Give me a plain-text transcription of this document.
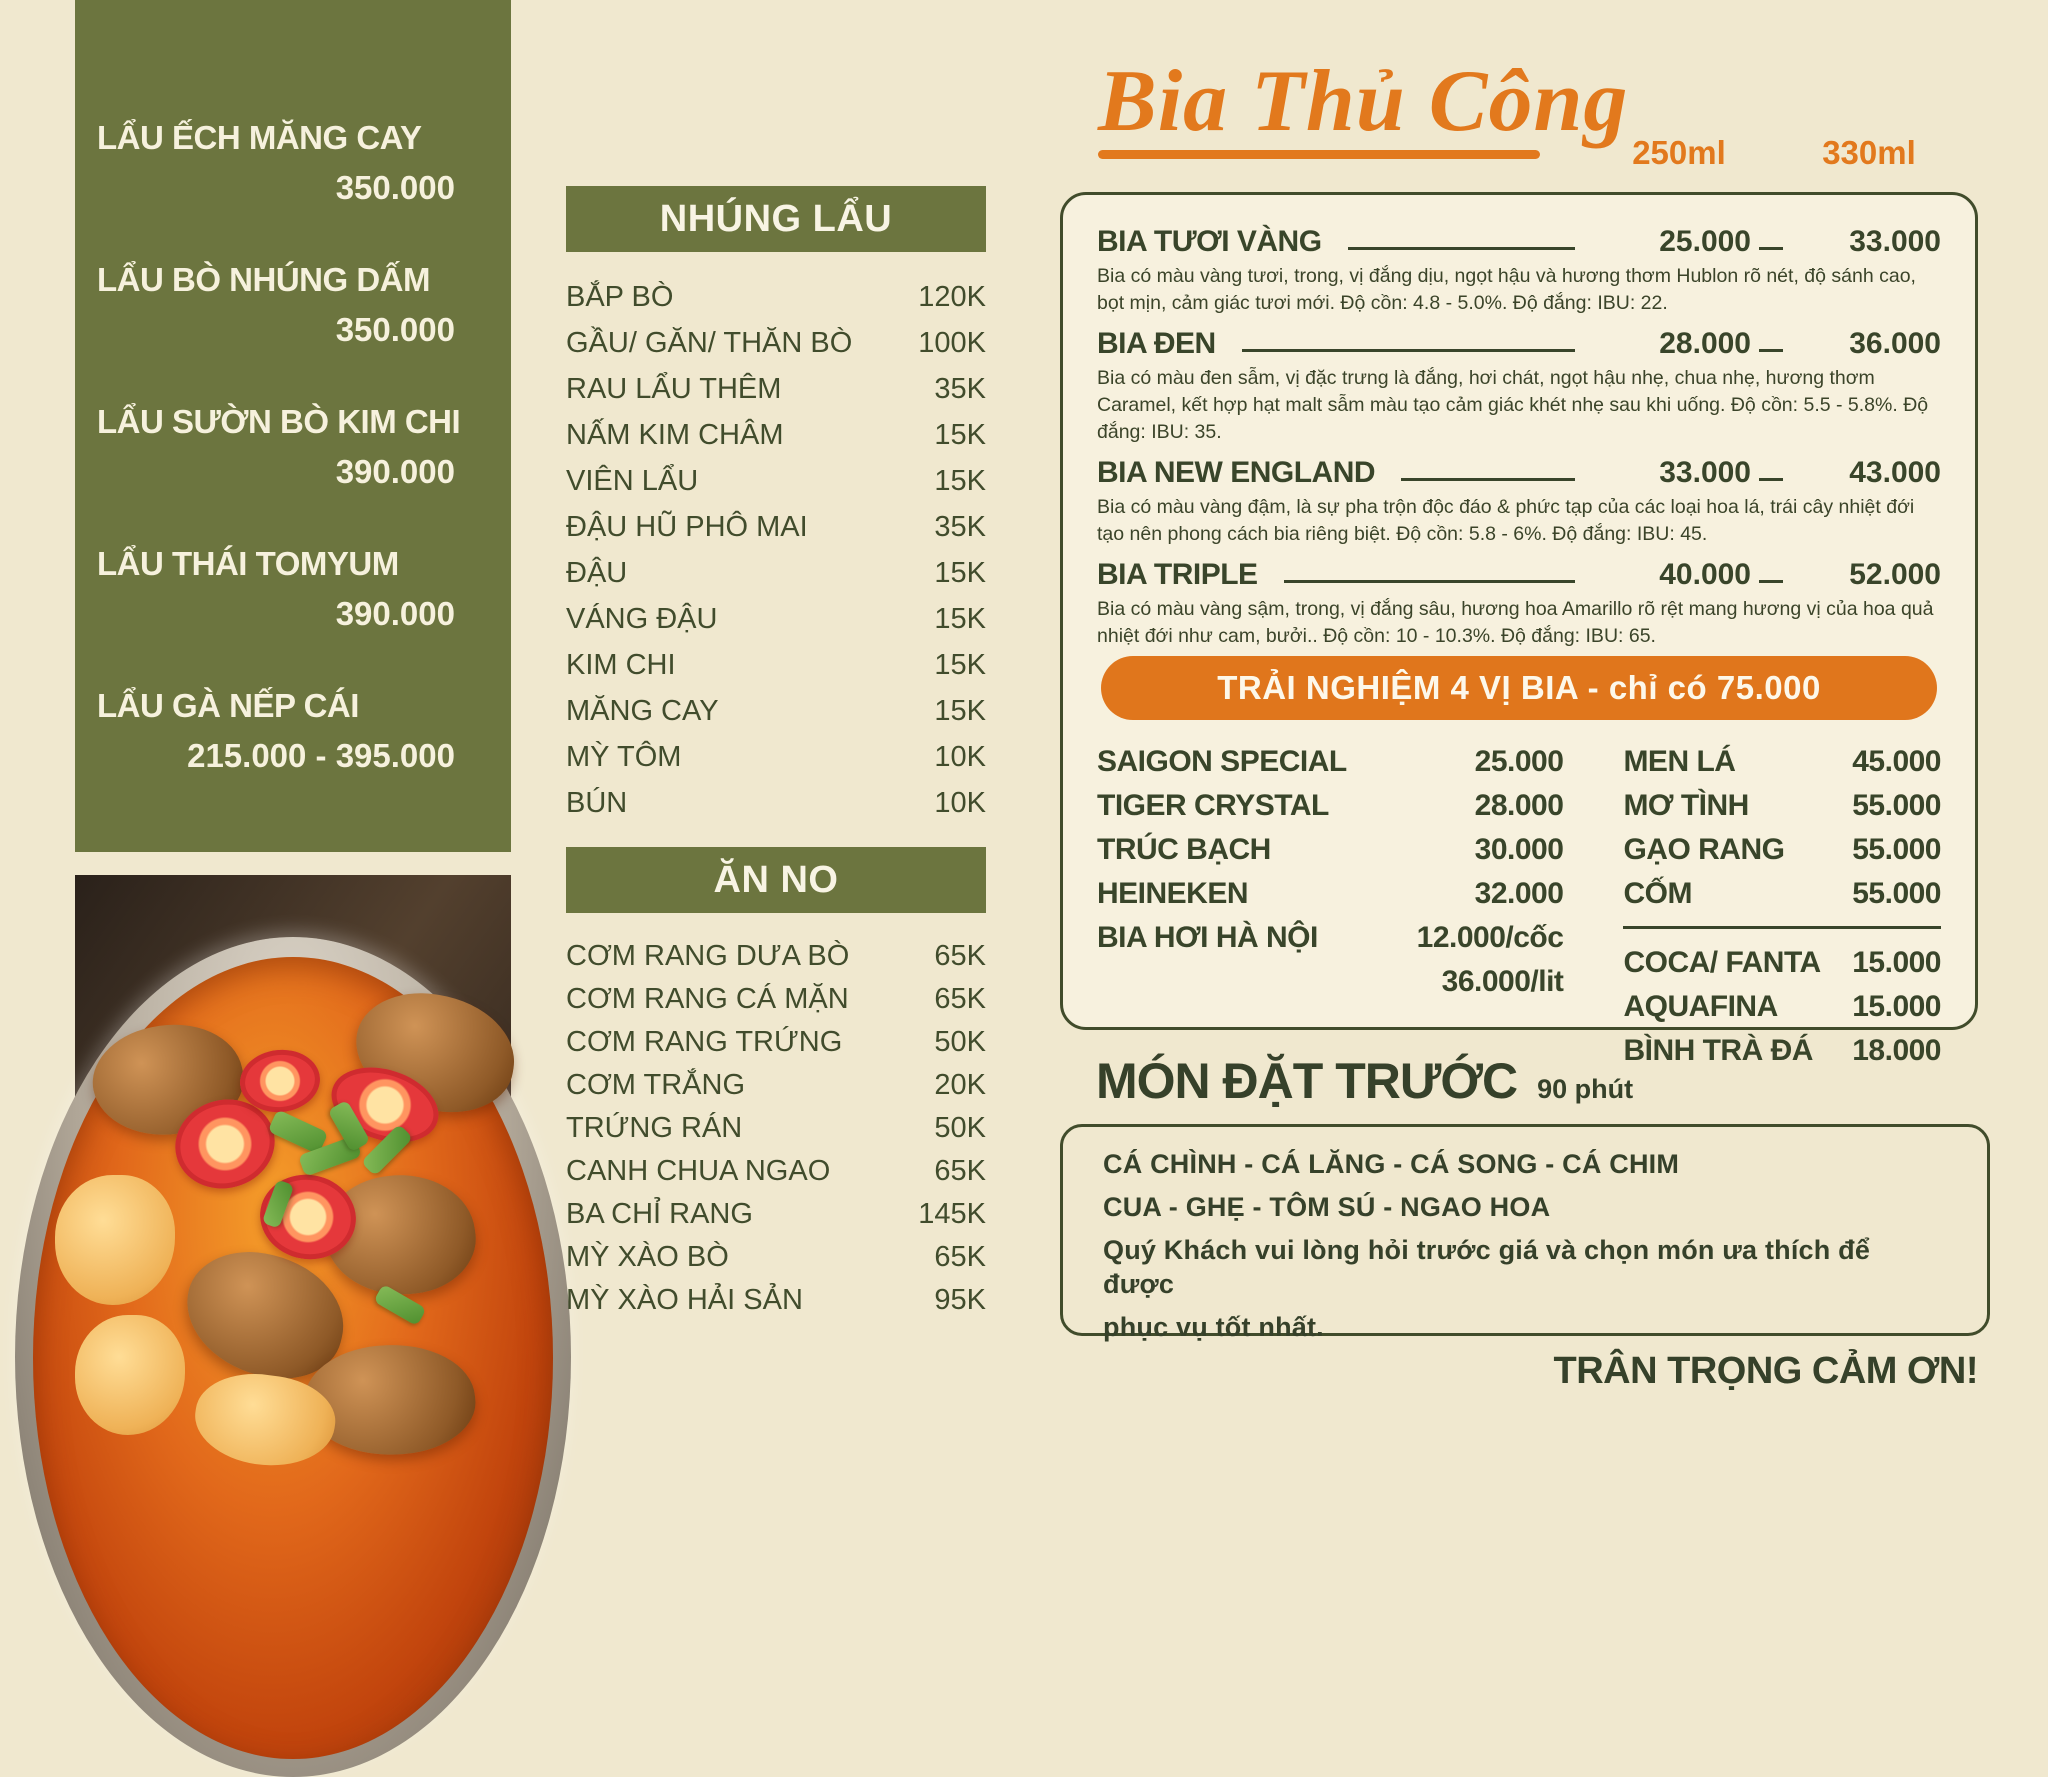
LẨU ẾCH MĂNG CAY
350.000
LẨU BÒ NHÚNG DẤM
350.000
LẨU SƯỜN BÒ KIM CHI
390.000
LẨU THÁI TOMYUM
390.000
LẨU GÀ NẾP CÁI
215.000 - 395.000
NHÚNG LẨU
BẮP BÒ	120K
GẦU/ GĂN/ THĂN BÒ 100K
RAU LẨU THÊM	35K
NẤM KIM CHÂM	15K
VIÊN LẨU	15K
ĐẬU HŨ PHÔ MAI	35K
ĐẬU	15K
VÁNG ĐẬU	15K
KIM CHI	15K
MĂNG CAY	15K
MỲ TÔM	10K
BÚN	10K
ĂN NO
CƠM RANG DƯA BÒ	65K
CƠM RANG CÁ MẶN	65K
CƠM RANG TRỨNG	50K
CƠM TRẮNG	20K
TRỨNG RÁN	50K
CANH CHUA NGAO	65K
BA CHỈ RANG	145K
MỲ XÀO BÒ	65K
MỲ XÀO HẢI SẢN	95K
Bia Thủ Công
250ml	330ml
BIA TƯƠI VÀNG	25.000	33.000
Bia có màu vàng tươi, trong, vị đắng dịu, ngọt hậu và hương thơm Hublon rõ nét, độ sánh cao, bọt mịn, cảm giác tươi mới. Độ cồn: 4.8 - 5.0%. Độ đắng: IBU: 22.
BIA ĐEN	28.000	36.000
Bia có màu đen sẫm, vị đặc trưng là đắng, hơi chát, ngọt hậu nhẹ, chua nhẹ, hương thơm Caramel, kết hợp hạt malt sẫm màu tạo cảm giác khét nhẹ sau khi uống. Độ cồn: 5.5 - 5.8%. Độ đắng: IBU: 35.
BIA NEW ENGLAND	33.000	43.000
Bia có màu vàng đậm, là sự pha trộn độc đáo & phức tạp của các loại hoa lá, trái cây nhiệt đới tạo nên phong cách bia riêng biệt. Độ cồn: 5.8 - 6%. Độ đắng: IBU: 45.
BIA TRIPLE	40.000	52.000
Bia có màu vàng sậm, trong, vị đắng sâu, hương hoa Amarillo rõ rệt mang hương vị của hoa quả nhiệt đới như cam, bưởi.. Độ cồn: 10 - 10.3%. Độ đắng: IBU: 65.
TRẢI NGHIỆM 4 VỊ BIA - chỉ có 75.000
SAIGON SPECIAL	25.000
TIGER CRYSTAL	28.000
TRÚC BẠCH	30.000
HEINEKEN	32.000
BIA HƠI HÀ NỘI	12.000/cốc
36.000/lit
MEN LÁ	45.000
MƠ TÌNH	55.000
GẠO RANG 55.000
CỐM	55.000
COCA/ FANTA 15.000
AQUAFINA 15.000
BÌNH TRÀ ĐÁ 18.000
MÓN ĐẶT TRƯỚC 90 phút
CÁ CHÌNH - CÁ LĂNG - CÁ SONG - CÁ CHIM
CUA - GHẸ - TÔM SÚ - NGAO HOA
Quý Khách vui lòng hỏi trước giá và chọn món ưa thích để được
phục vụ tốt nhất.
TRÂN TRỌNG CẢM ƠN!
